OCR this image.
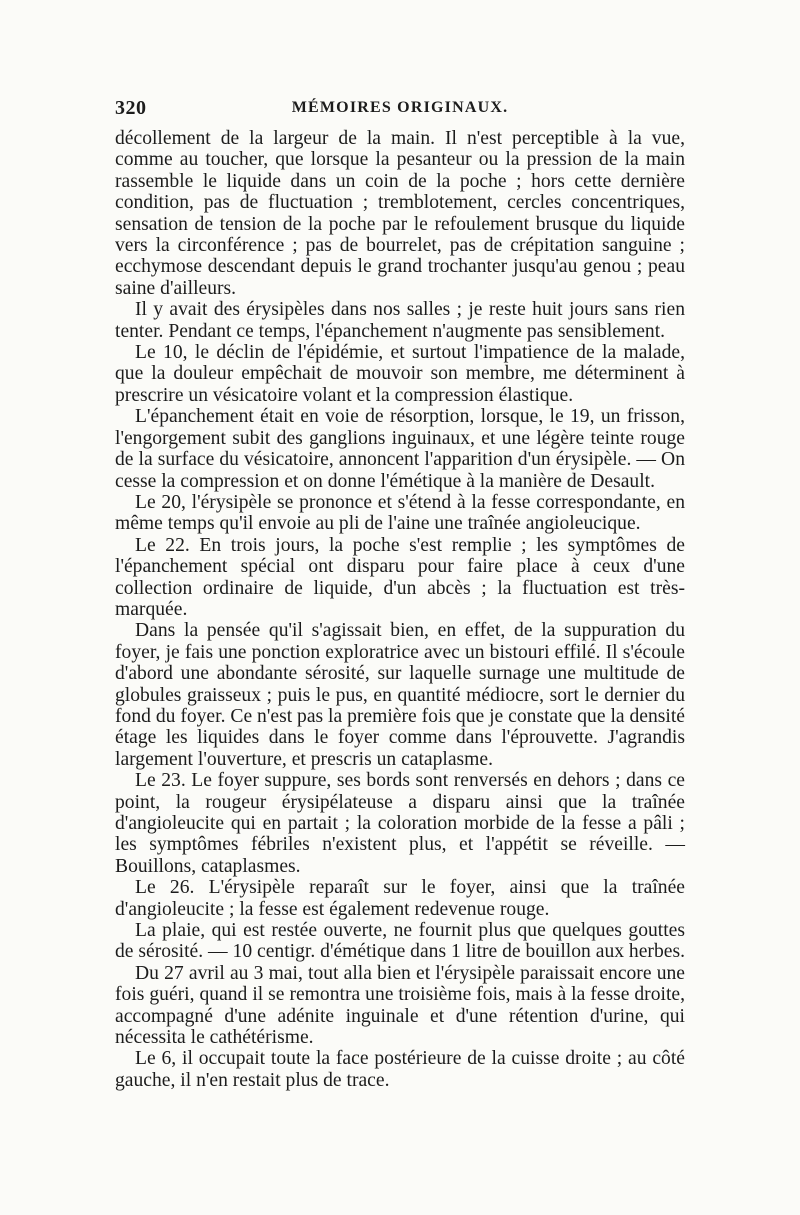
320	MÉMOIRES ORIGINAUX.

décollement de la largeur de la main. Il n'est perceptible à la vue, comme au toucher, que lorsque la pesanteur ou la pression de la main rassemble le liquide dans un coin de la poche ; hors cette dernière condition, pas de fluctuation ; tremblotement, cercles concentriques, sensation de tension de la poche par le refoulement brusque du liquide vers la circonférence ; pas de bourrelet, pas de crépitation sanguine ; ecchymose descendant depuis le grand trochanter jusqu'au genou ; peau saine d'ailleurs.

Il y avait des érysipèles dans nos salles ; je reste huit jours sans rien tenter. Pendant ce temps, l'épanchement n'augmente pas sensiblement.

Le 10, le déclin de l'épidémie, et surtout l'impatience de la malade, que la douleur empêchait de mouvoir son membre, me déterminent à prescrire un vésicatoire volant et la compression élastique.

L'épanchement était en voie de résorption, lorsque, le 19, un frisson, l'engorgement subit des ganglions inguinaux, et une légère teinte rouge de la surface du vésicatoire, annoncent l'apparition d'un érysipèle. — On cesse la compression et on donne l'émétique à la manière de Desault.

Le 20, l'érysipèle se prononce et s'étend à la fesse correspondante, en même temps qu'il envoie au pli de l'aine une traînée angioleucique.

Le 22. En trois jours, la poche s'est remplie ; les symptômes de l'épanchement spécial ont disparu pour faire place à ceux d'une collection ordinaire de liquide, d'un abcès ; la fluctuation est très-marquée.

Dans la pensée qu'il s'agissait bien, en effet, de la suppuration du foyer, je fais une ponction exploratrice avec un bistouri effilé. Il s'écoule d'abord une abondante sérosité, sur laquelle surnage une multitude de globules graisseux ; puis le pus, en quantité médiocre, sort le dernier du fond du foyer. Ce n'est pas la première fois que je constate que la densité étage les liquides dans le foyer comme dans l'éprouvette. J'agrandis largement l'ouverture, et prescris un cataplasme.

Le 23. Le foyer suppure, ses bords sont renversés en dehors ; dans ce point, la rougeur érysipélateuse a disparu ainsi que la traînée d'angioleucite qui en partait ; la coloration morbide de la fesse a pâli ; les symptômes fébriles n'existent plus, et l'appétit se réveille. — Bouillons, cataplasmes.

Le 26. L'érysipèle reparaît sur le foyer, ainsi que la traînée d'angioleucite ; la fesse est également redevenue rouge.

La plaie, qui est restée ouverte, ne fournit plus que quelques gouttes de sérosité. — 10 centigr. d'émétique dans 1 litre de bouillon aux herbes.

Du 27 avril au 3 mai, tout alla bien et l'érysipèle paraissait encore une fois guéri, quand il se remontra une troisième fois, mais à la fesse droite, accompagné d'une adénite inguinale et d'une rétention d'urine, qui nécessita le cathétérisme.

Le 6, il occupait toute la face postérieure de la cuisse droite ; au côté gauche, il n'en restait plus de trace.
